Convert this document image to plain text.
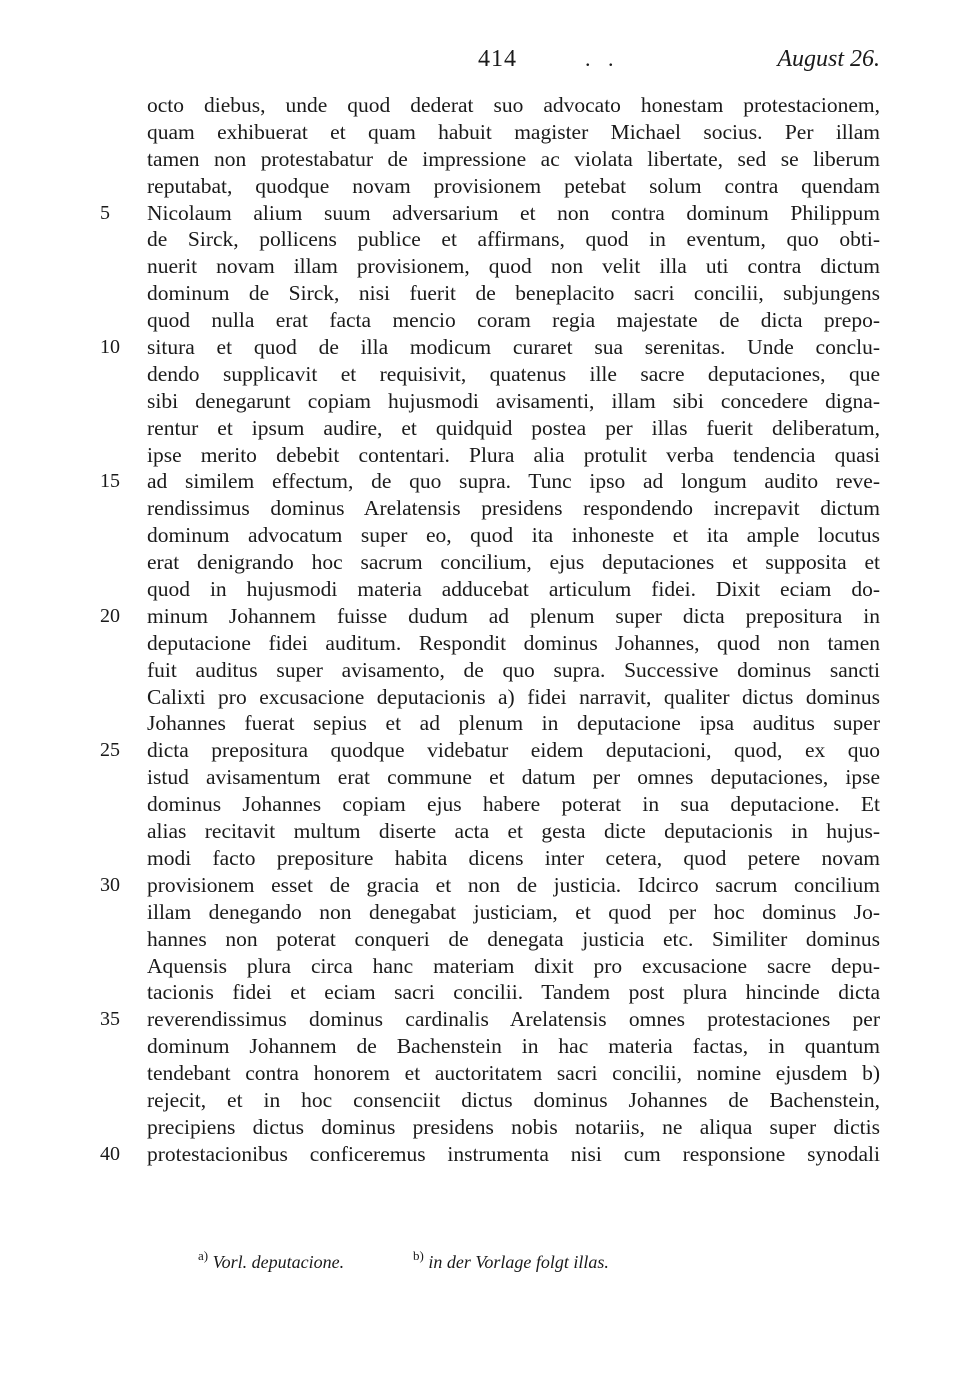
414	. .	August 26.
octo diebus, unde quod dederat suo advocato honestam protestacionem,
quam exhibuerat et quam habuit magister Michael socius. Per illam
tamen non protestabatur de impressione ac violata libertate, sed se liberum
reputabat, quodque novam provisionem petebat solum contra quendam
5	Nicolaum alium suum adversarium et non contra dominum Philippum
de Sirck, pollicens publice et affirmans, quod in eventum, quo obti-
nuerit novam illam provisionem, quod non velit illa uti contra dictum
dominum de Sirck, nisi fuerit de beneplacito sacri concilii, subjungens
quod nulla erat facta mencio coram regia majestate de dicta prepo-
10	situra et quod de illa modicum curaret sua serenitas. Unde conclu-
dendo supplicavit et requisivit, quatenus ille sacre deputaciones, que
sibi denegarunt copiam hujusmodi avisamenti, illam sibi concedere digna-
rentur et ipsum audire, et quidquid postea per illas fuerit deliberatum,
ipse merito debebit contentari. Plura alia protulit verba tendencia quasi
15	ad similem effectum, de quo supra. Tunc ipso ad longum audito reve-
rendissimus dominus Arelatensis presidens respondendo increpavit dictum
dominum advocatum super eo, quod ita inhoneste et ita ample locutus
erat denigrando hoc sacrum concilium, ejus deputaciones et supposita et
quod in hujusmodi materia adducebat articulum fidei. Dixit eciam do-
20	minum Johannem fuisse dudum ad plenum super dicta prepositura in
deputacione fidei auditum. Respondit dominus Johannes, quod non tamen
fuit auditus super avisamento, de quo supra. Successive dominus sancti
Calixti pro excusacione deputacionis a) fidei narravit, qualiter dictus dominus
Johannes fuerat sepius et ad plenum in deputacione ipsa auditus super
25	dicta prepositura quodque videbatur eidem deputacioni, quod, ex quo
istud avisamentum erat commune et datum per omnes deputaciones, ipse
dominus Johannes copiam ejus habere poterat in sua deputacione. Et
alias recitavit multum diserte acta et gesta dicte deputacionis in hujus-
modi facto prepositure habita dicens inter cetera, quod petere novam
30	provisionem esset de gracia et non de justicia. Idcirco sacrum concilium
illam denegando non denegabat justiciam, et quod per hoc dominus Jo-
hannes non poterat conqueri de denegata justicia etc. Similiter dominus
Aquensis plura circa hanc materiam dixit pro excusacione sacre depu-
tacionis fidei et eciam sacri concilii. Tandem post plura hincinde dicta
35	reverendissimus dominus cardinalis Arelatensis omnes protestaciones per
dominum Johannem de Bachenstein in hac materia factas, in quantum
tendebant contra honorem et auctoritatem sacri concilii, nomine ejusdem b)
rejecit, et in hoc consenciit dictus dominus Johannes de Bachenstein,
precipiens dictus dominus presidens nobis notariis, ne aliqua super dictis
40	protestacionibus conficeremus instrumenta nisi cum responsione synodali
$^{a)}$ Vorl. deputacione.	$^{b)}$ in der Vorlage folgt illas.
